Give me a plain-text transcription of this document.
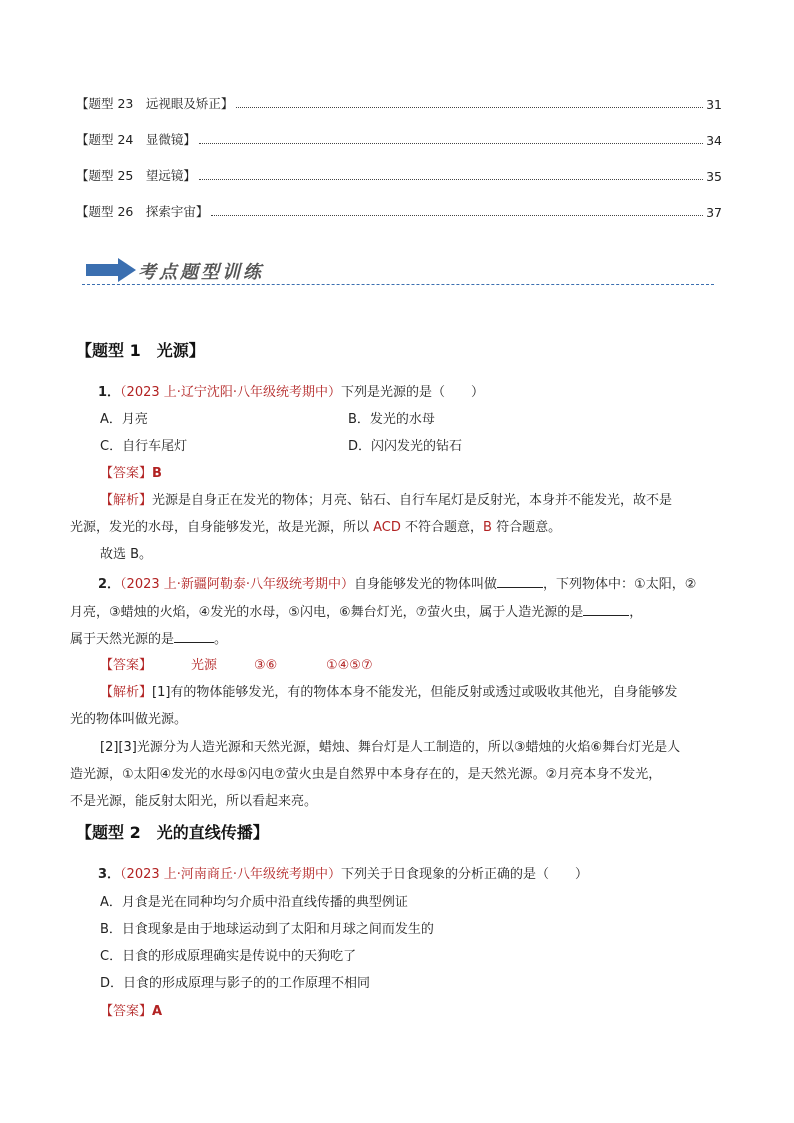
【题型 23　远视眼及矫正】	31
【题型 24　显微镜】	34
【题型 25　望远镜】	35
【题型 26　探索宇宙】	37
考点题型训练
【题型 1　光源】
1．（2023 上·辽宁沈阳·八年级统考期中）下列是光源的是（　　）
A．月亮	B．发光的水母
C．自行车尾灯	D．闪闪发光的钻石
【答案】B
【解析】光源是自身正在发光的物体；月亮、钻石、自行车尾灯是反射光，本身并不能发光，故不是
光源，发光的水母，自身能够发光，故是光源，所以 ACD 不符合题意，B 符合题意。
故选 B。
2．（2023 上·新疆阿勒泰·八年级统考期中）自身能够发光的物体叫做	，下列物体中：①太阳，②
月亮，③蜡烛的火焰，④发光的水母，⑤闪电，⑥舞台灯光，⑦萤火虫，属于人造光源的是	，
属于天然光源的是	。
【答案】	光源	③⑥	①④⑤⑦
【解析】[1]有的物体能够发光，有的物体本身不能发光，但能反射或透过或吸收其他光，自身能够发
光的物体叫做光源。
[2][3]光源分为人造光源和天然光源，蜡烛、舞台灯是人工制造的，所以③蜡烛的火焰⑥舞台灯光是人
造光源，①太阳④发光的水母⑤闪电⑦萤火虫是自然界中本身存在的，是天然光源。②月亮本身不发光，
不是光源，能反射太阳光，所以看起来亮。
【题型 2　光的直线传播】
3．（2023 上·河南商丘·八年级统考期中）下列关于日食现象的分析正确的是（　　）
A．月食是光在同种均匀介质中沿直线传播的典型例证
B．日食现象是由于地球运动到了太阳和月球之间而发生的
C．日食的形成原理确实是传说中的天狗吃了
D．日食的形成原理与影子的的工作原理不相同
【答案】A
